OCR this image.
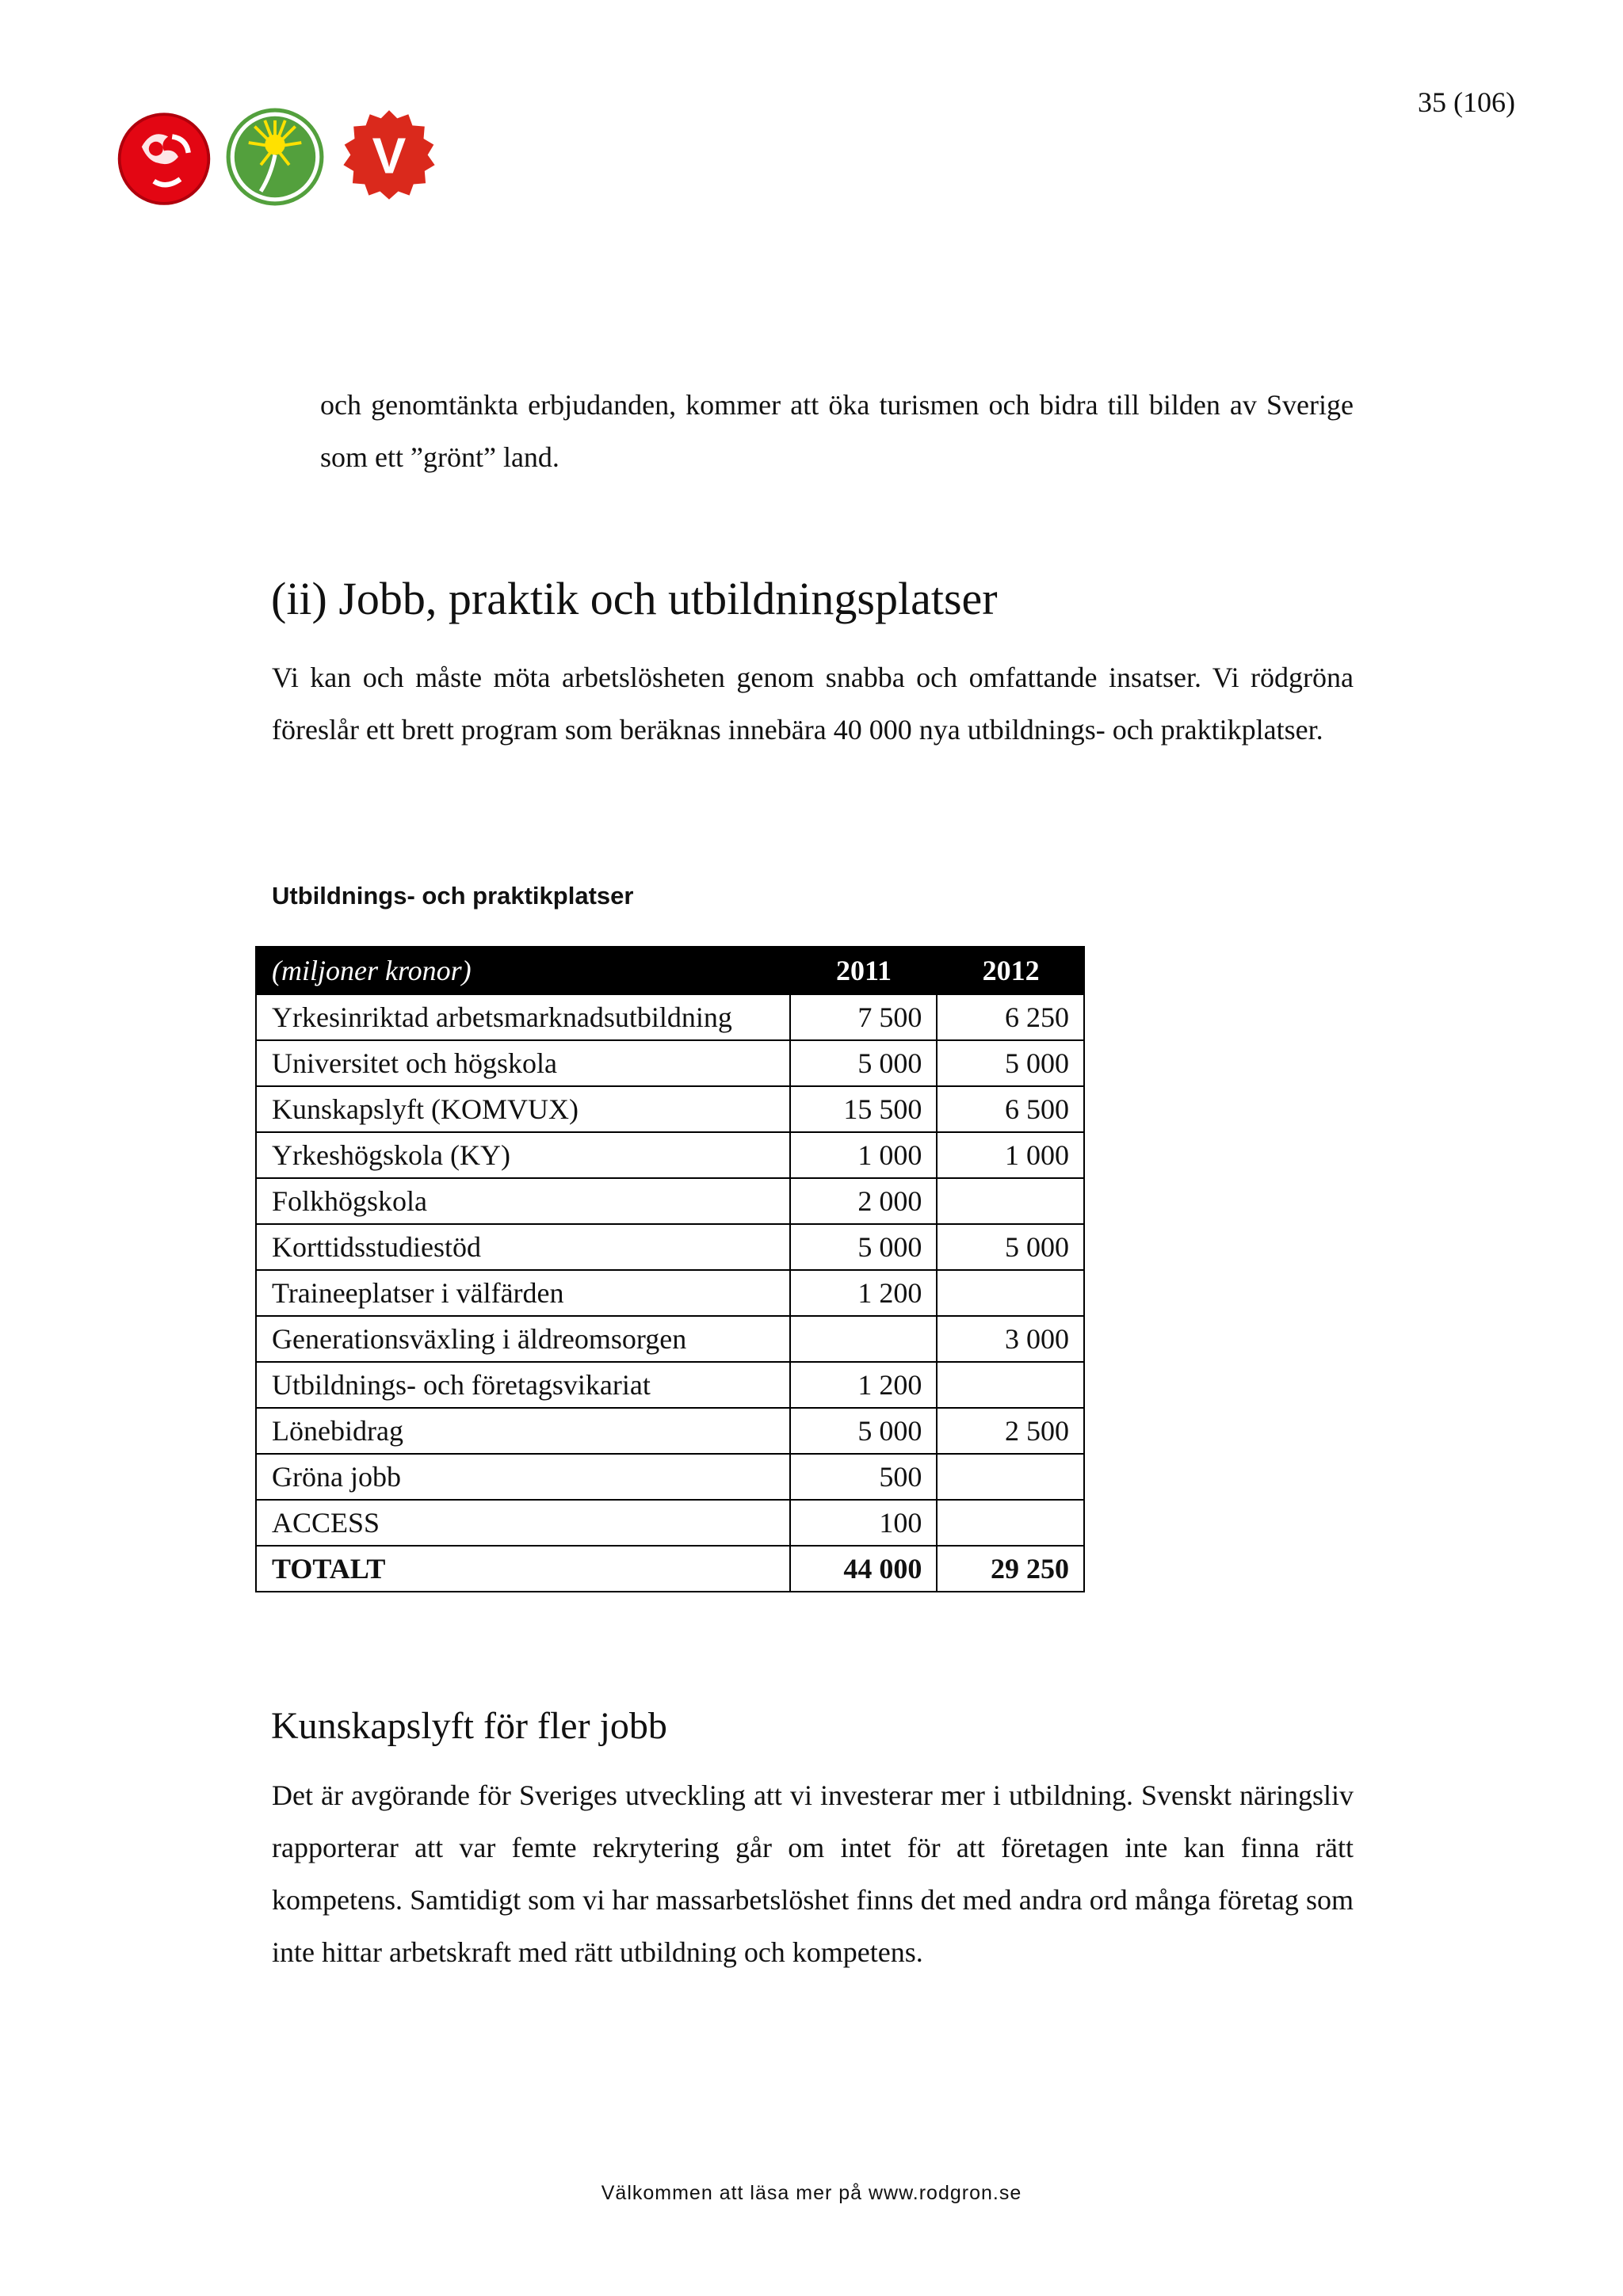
V
35 (106)

och genomtänkta erbjudanden, kommer att öka turismen och bidra till bilden av Sverige som ett ”grönt” land.

(ii) Jobb, praktik och utbildningsplatser

Vi kan och måste möta arbetslösheten genom snabba och omfattande insatser. Vi rödgröna föreslår ett brett program som beräknas innebära 40 000 nya utbildnings- och praktikplatser.

Utbildnings- och praktikplatser

(miljoner kronor)	2011	2012
Yrkesinriktad arbetsmarknadsutbildning	7 500	6 250
Universitet och högskola	5 000	5 000
Kunskapslyft (KOMVUX)	15 500	6 500
Yrkeshögskola (KY)	1 000	1 000
Folkhögskola	2 000	
Korttidsstudiestöd	5 000	5 000
Traineeplatser i välfärden	1 200	
Generationsväxling i äldreomsorgen		3 000
Utbildnings- och företagsvikariat	1 200	
Lönebidrag	5 000	2 500
Gröna jobb	500	
ACCESS	100	
TOTALT	44 000	29 250
Kunskapslyft för fler jobb

Det är avgörande för Sveriges utveckling att vi investerar mer i utbildning. Svenskt näringsliv rapporterar att var femte rekrytering går om intet för att företagen inte kan finna rätt kompetens. Samtidigt som vi har massarbetslöshet finns det med andra ord många företag som inte hittar arbetskraft med rätt utbildning och kompetens.

Välkommen att läsa mer på www.rodgron.se
